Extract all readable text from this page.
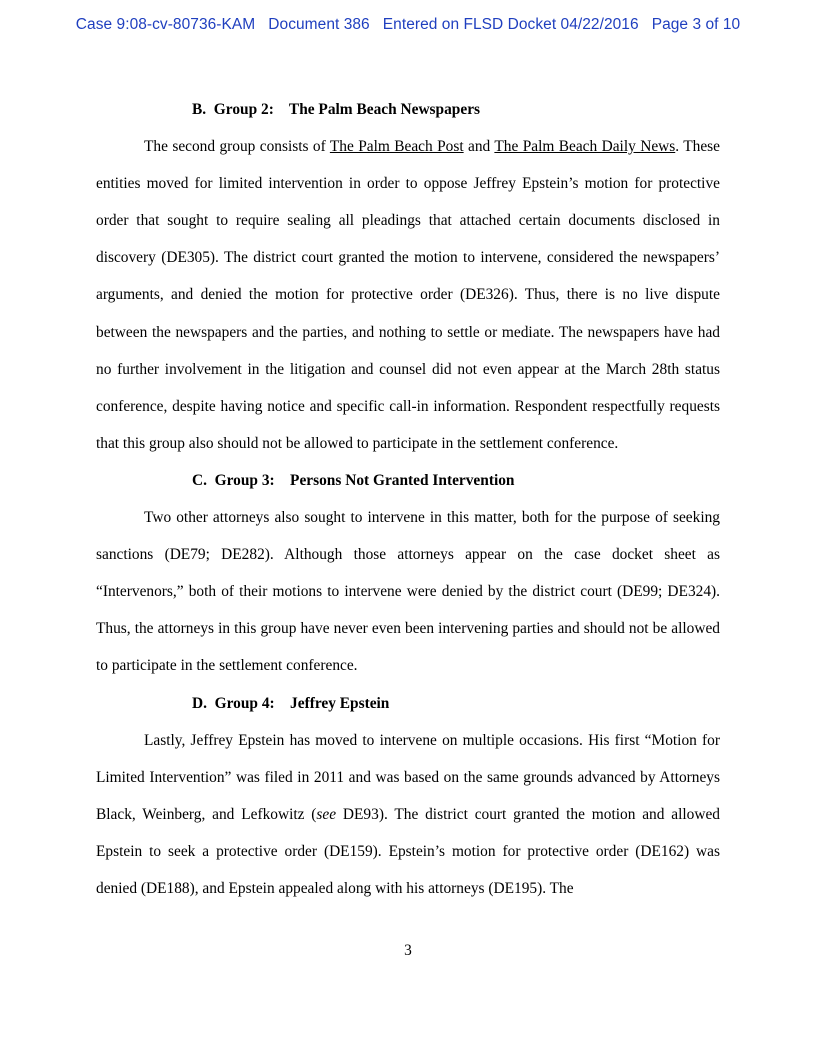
Case 9:08-cv-80736-KAM   Document 386   Entered on FLSD Docket 04/22/2016   Page 3 of 10

B.  Group 2:    The Palm Beach Newspapers

The second group consists of The Palm Beach Post and The Palm Beach Daily News. These entities moved for limited intervention in order to oppose Jeffrey Epstein’s motion for protective order that sought to require sealing all pleadings that attached certain documents disclosed in discovery (DE305). The district court granted the motion to intervene, considered the newspapers’ arguments, and denied the motion for protective order (DE326). Thus, there is no live dispute between the newspapers and the parties, and nothing to settle or mediate. The newspapers have had no further involvement in the litigation and counsel did not even appear at the March 28th status conference, despite having notice and specific call-in information. Respondent respectfully requests that this group also should not be allowed to participate in the settlement conference.

C.  Group 3:    Persons Not Granted Intervention

Two other attorneys also sought to intervene in this matter, both for the purpose of seeking sanctions (DE79; DE282). Although those attorneys appear on the case docket sheet as “Intervenors,” both of their motions to intervene were denied by the district court (DE99; DE324). Thus, the attorneys in this group have never even been intervening parties and should not be allowed to participate in the settlement conference.

D.  Group 4:    Jeffrey Epstein

Lastly, Jeffrey Epstein has moved to intervene on multiple occasions. His first “Motion for Limited Intervention” was filed in 2011 and was based on the same grounds advanced by Attorneys Black, Weinberg, and Lefkowitz (see DE93). The district court granted the motion and allowed Epstein to seek a protective order (DE159). Epstein’s motion for protective order (DE162) was denied (DE188), and Epstein appealed along with his attorneys (DE195). The

3
